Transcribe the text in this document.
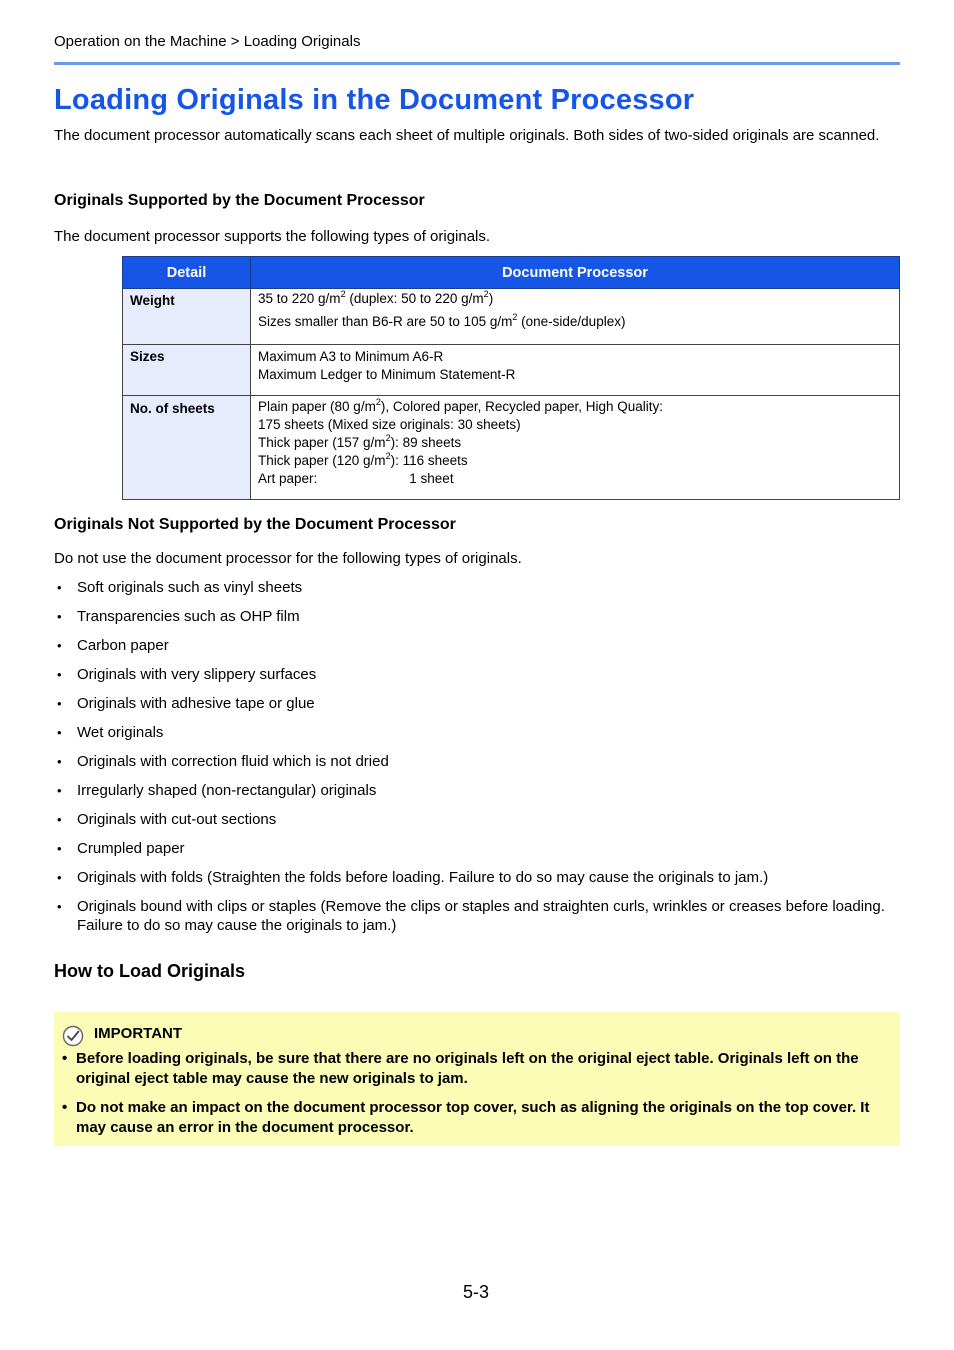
Operation on the Machine > Loading Originals
Loading Originals in the Document Processor
The document processor automatically scans each sheet of multiple originals. Both sides of two-sided originals are scanned.
Originals Supported by the Document Processor
The document processor supports the following types of originals.
Detail	Document Processor
Weight	35 to 220 $g/m^2$ (duplex: 50 to 220 $g/m^2$)
Sizes smaller than B6-R are 50 to 105 $g/m^2$ (one-side/duplex)

Sizes	Maximum A3 to Minimum A6-R
Maximum Ledger to Minimum Statement-R

No. of sheets	Plain paper (80 $g/m^2$), Colored paper, Recycled paper, High Quality:
175 sheets (Mixed size originals: 30 sheets)
Thick paper (157 $g/m^2$): 89 sheets
Thick paper (120 $g/m^2$): 116 sheets
Art paper: 1 sheet
Originals Not Supported by the Document Processor
Do not use the document processor for the following types of originals.
• Soft originals such as vinyl sheets
• Transparencies such as OHP film
• Carbon paper
• Originals with very slippery surfaces
• Originals with adhesive tape or glue
• Wet originals
• Originals with correction fluid which is not dried
• Irregularly shaped (non-rectangular) originals
• Originals with cut-out sections
• Crumpled paper
• Originals with folds (Straighten the folds before loading. Failure to do so may cause the originals to jam.)
• Originals bound with clips or staples (Remove the clips or staples and straighten curls, wrinkles or creases before loading. Failure to do so may cause the originals to jam.)
How to Load Originals
IMPORTANT
• Before loading originals, be sure that there are no originals left on the original eject table. Originals left on the original eject table may cause the new originals to jam.
• Do not make an impact on the document processor top cover, such as aligning the originals on the top cover. It may cause an error in the document processor.
5-3
